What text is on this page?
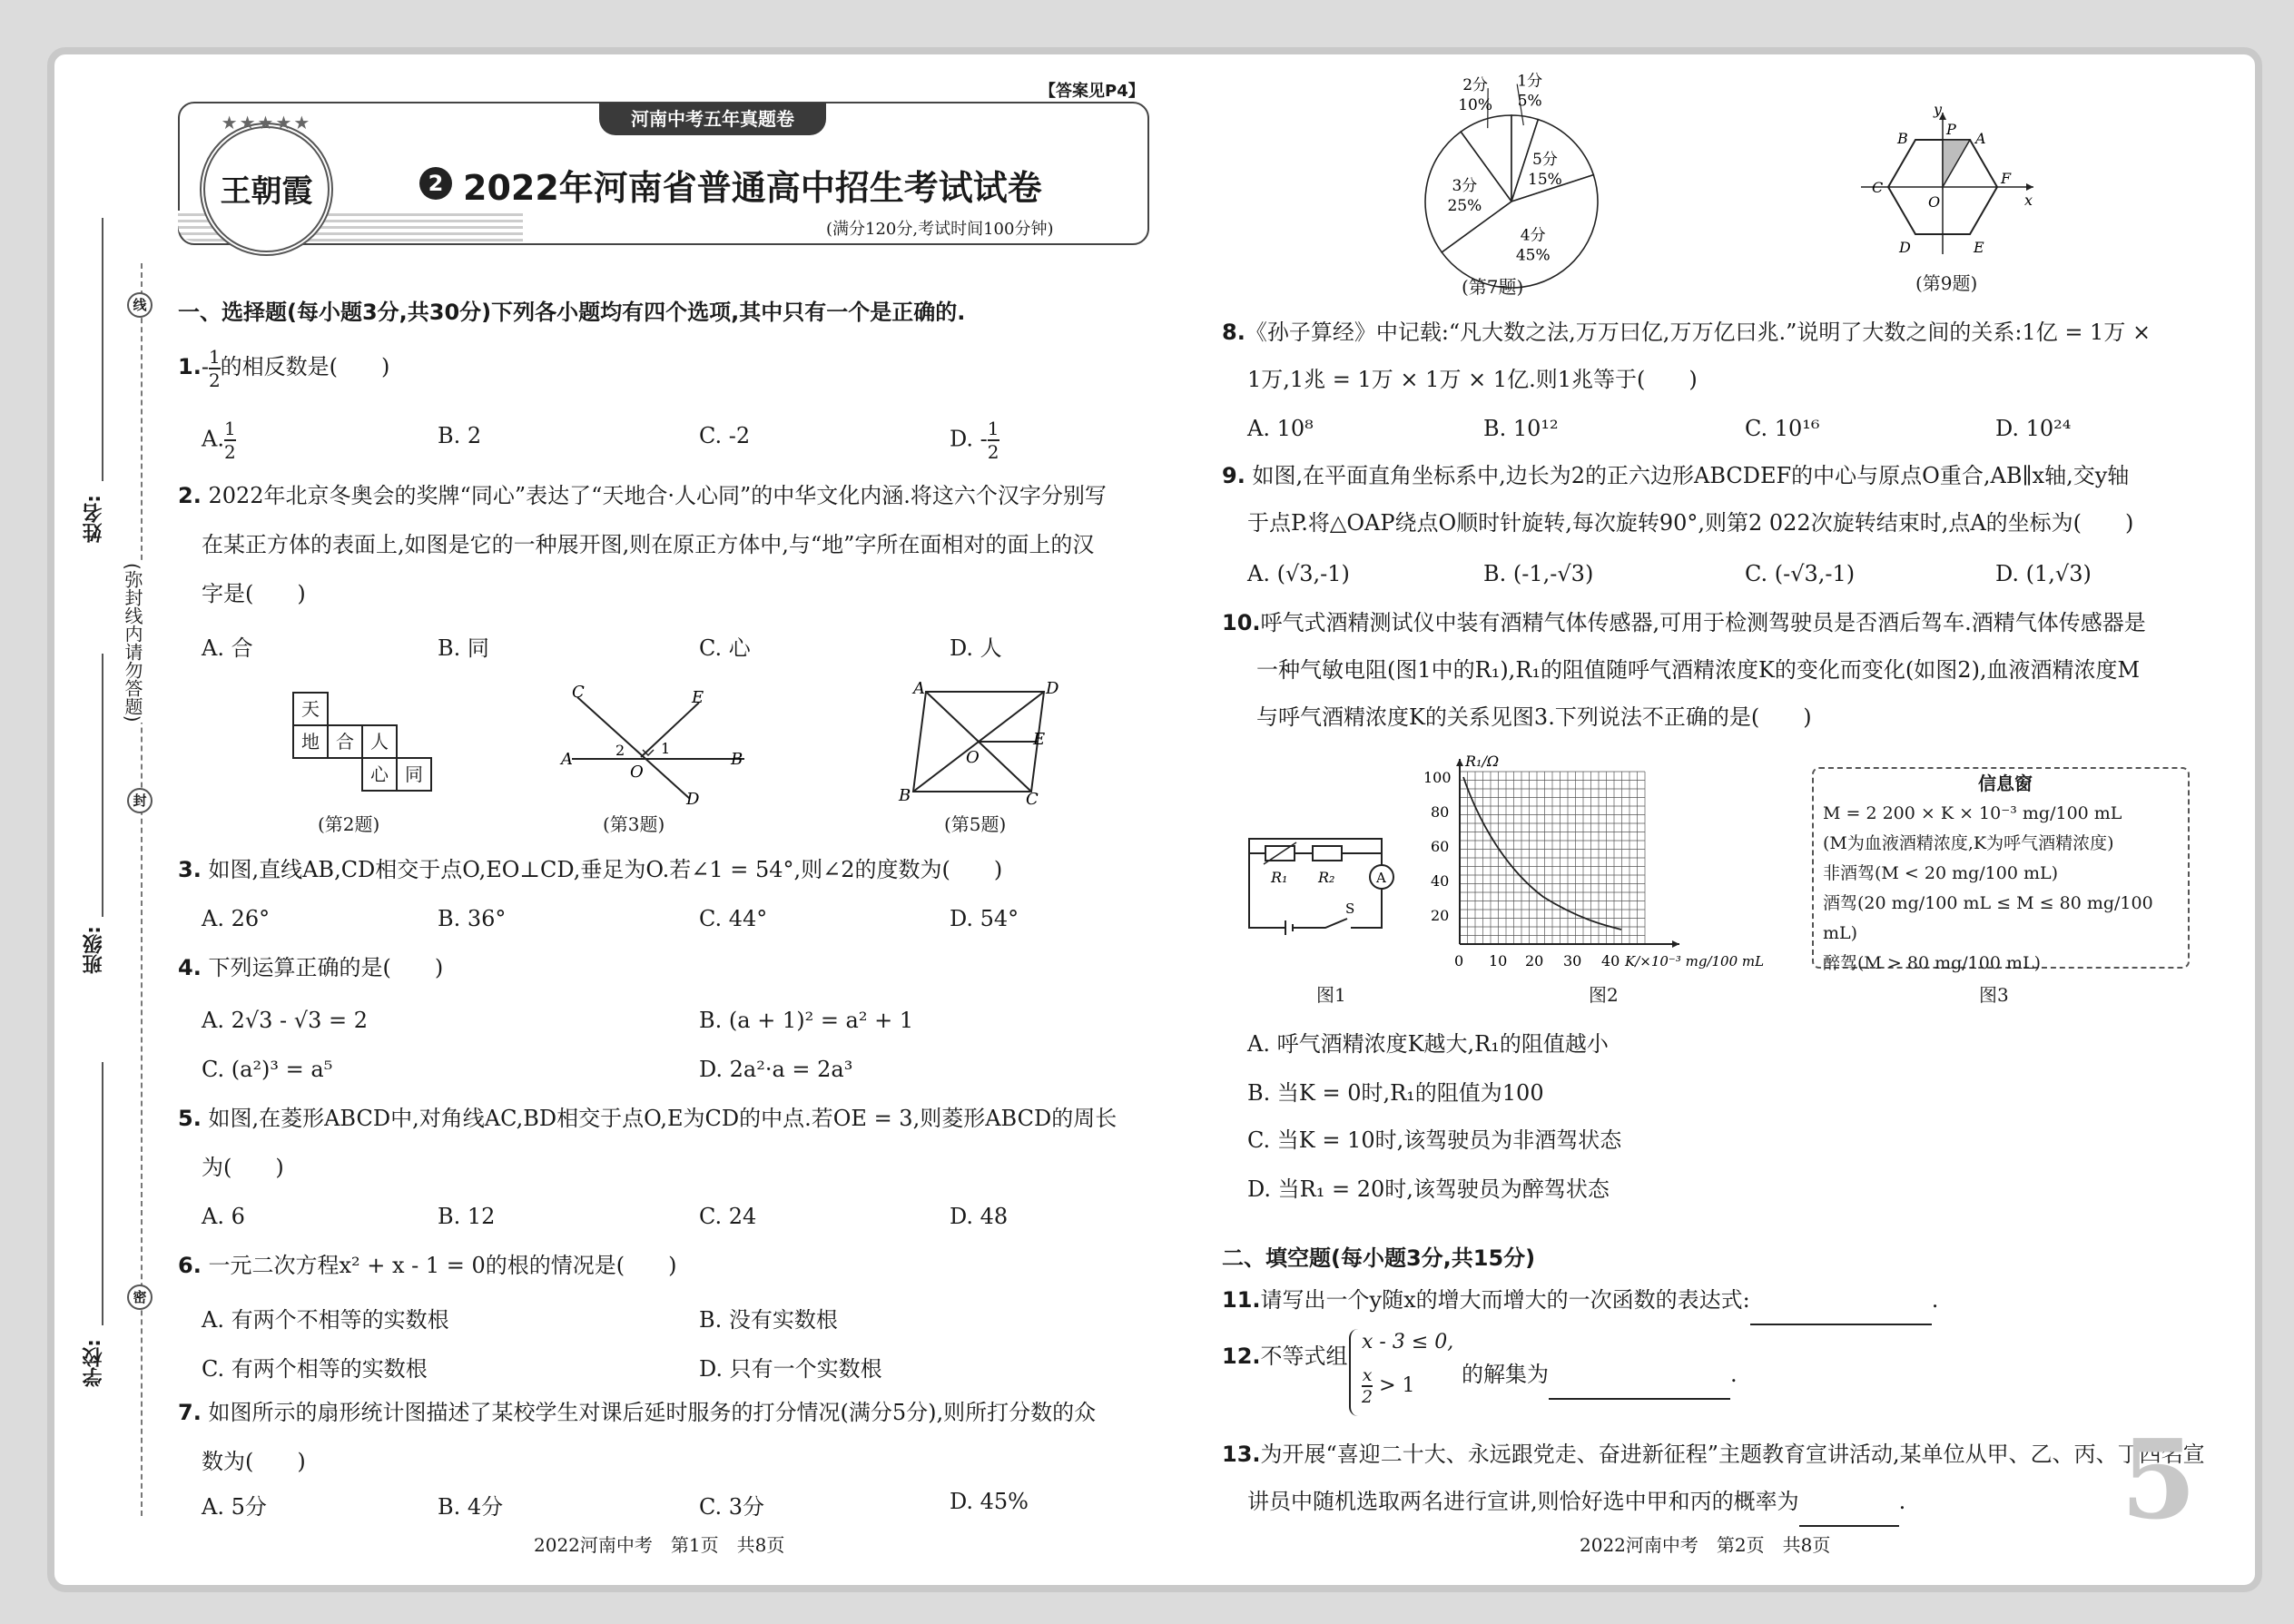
线
封
密
姓名:
班级:
学校:
(弥封线内请勿答题)
【答案见P4】
河南中考五年真题卷
★★★★★
王朝霞	2 2022年河南省普通高中招生考试试卷
(满分120分,考试时间100分钟)
一、选择题(每小题3分,共30分)下列各小题均有四个选项,其中只有一个是正确的.
$1.-\frac{1}{2}$ 的相反数是(　　)
$A.\frac{1}{2}$	B. 2	C. -2	D. $-\frac{1}{2}$
2. 2022年北京冬奥会的奖牌“同心”表达了“天地合·人心同”的中华文化内涵.将这六个汉字分别写
在某正方体的表面上,如图是它的一种展开图,则在原正方体中,与“地”字所在面相对的面上的汉
字是(　　)
A. 合	B. 同	C. 心	D. 人
天
地 合 人
心 同
(第2题)
C	E
A	2 1
B
O
D
(第3题)
A	D
E
O
B	C
(第5题)
3. 如图,直线AB,CD相交于点O,EO⊥CD,垂足为O.若∠1 = 54°,则∠2的度数为(　　)
A. 26°	B. 36°	C. 44°	D. 54°
4. 下列运算正确的是(　　)
A. 2√3 - √3 = 2	B. (a + 1)² = a² + 1
C. (a²)³ = a⁵	D. 2a²·a = 2a³
5. 如图,在菱形ABCD中,对角线AC,BD相交于点O,E为CD的中点.若OE = 3,则菱形ABCD的周长
为(　　)
A. 6	B. 12	C. 24	D. 48
6. 一元二次方程x² + x - 1 = 0的根的情况是(　　)
A. 有两个不相等的实数根	B. 没有实数根
C. 有两个相等的实数根	D. 只有一个实数根
7. 如图所示的扇形统计图描述了某校学生对课后延时服务的打分情况(满分5分),则所打分数的众
数为(　　)
A. 5分	B. 4分	C. 3分	D. 45%
2022河南中考　第1页　共8页
2分
10%
1分
5%
5分
15%
4分
45%
3分
25%
(第7题)
y
P
B	A
C
F
x
O
D	E
(第9题)
8.《孙子算经》中记载:“凡大数之法,万万曰亿,万万亿曰兆.”说明了大数之间的关系:1亿 = 1万 ×
1万,1兆 = 1万 × 1万 × 1亿.则1兆等于(　　)
A. 10⁸	B. 10¹²	C. 10¹⁶	D. 10²⁴
9. 如图,在平面直角坐标系中,边长为2的正六边形ABCDEF的中心与原点O重合,AB∥x轴,交y轴
于点P.将△OAP绕点O顺时针旋转,每次旋转90°,则第2 022次旋转结束时,点A的坐标为(　　)
A. (√3,-1)	B. (-1,-√3)	C. (-√3,-1)	D. (1,√3)
10.呼气式酒精测试仪中装有酒精气体传感器,可用于检测驾驶员是否酒后驾车.酒精气体传感器是
一种气敏电阻(图1中的R₁),R₁的阻值随呼气酒精浓度K的变化而变化(如图2),血液酒精浓度M
与呼气酒精浓度K的关系见图3.下列说法不正确的是(　　)
R₁ R₂	A
S
图1
R₁/Ω
100
80
60
40
20
0 10 20 30 40 K/×10⁻³ mg/100 mL
图2
信息窗
M = 2 200 × K × 10⁻³ mg/100 mL
(M为血液酒精浓度,K为呼气酒精浓度)
非酒驾(M < 20 mg/100 mL)
酒驾(20 mg/100 mL ≤ M ≤ 80 mg/100 mL)
醉驾(M > 80 mg/100 mL)
图3
A. 呼气酒精浓度K越大,R₁的阻值越小
B. 当K = 0时,R₁的阻值为100
C. 当K = 10时,该驾驶员为非酒驾状态
D. 当R₁ = 20时,该驾驶员为醉驾状态
二、填空题(每小题3分,共15分)
11.请写出一个y随x的增大而增大的一次函数的表达式:	.
12.不等式组
x - 3 ≤ 0,
$\frac{x}{2} > 1$ 的解集为	.
13.为开展“喜迎二十大、永远跟党走、奋进新征程”主题教育宣讲活动,某单位从甲、乙、丙、丁四名宣
讲员中随机选取两名进行宣讲,则恰好选中甲和丙的概率为	. 5
2022河南中考　第2页　共8页
